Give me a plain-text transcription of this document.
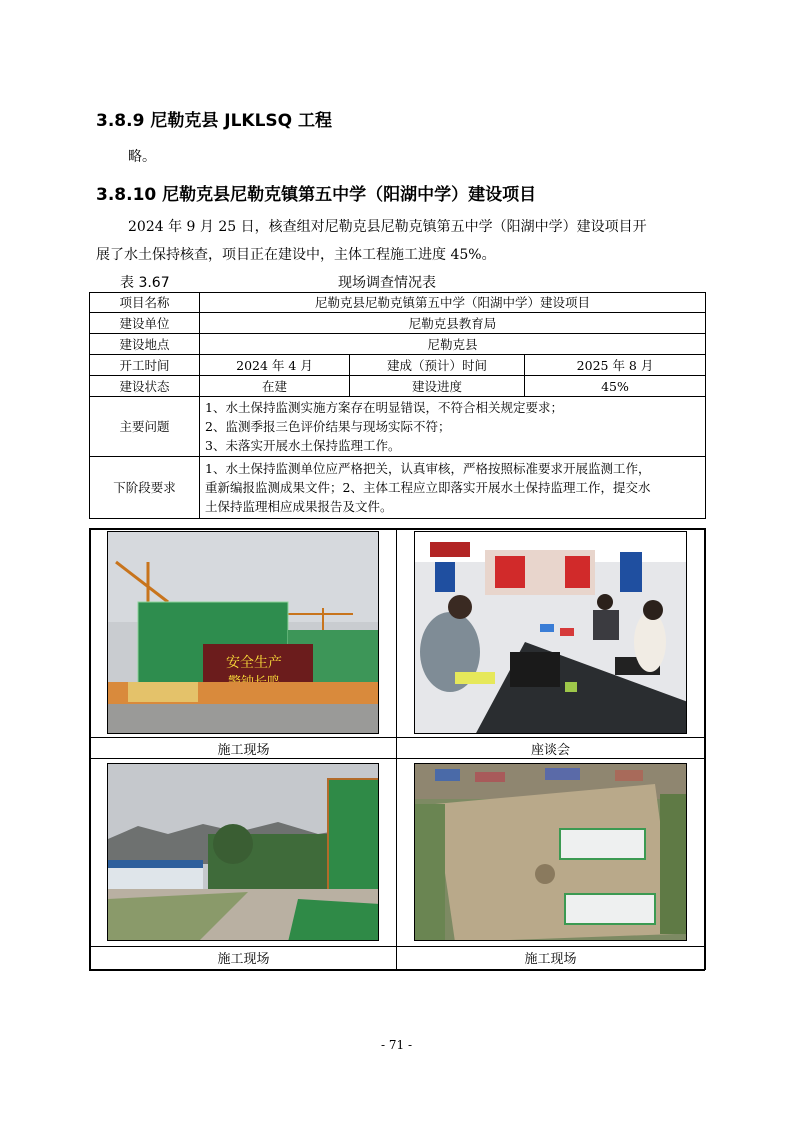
3.8.9 尼勒克县 JLKLSQ 工程

略。

3.8.10 尼勒克县尼勒克镇第五中学（阳湖中学）建设项目

2024 年 9 月 25 日，核查组对尼勒克县尼勒克镇第五中学（阳湖中学）建设项目开

展了水土保持核查，项目正在建设中，主体工程施工进度 45%。

表 3.67	现场调查情况表
项目名称	尼勒克县尼勒克镇第五中学（阳湖中学）建设项目		
建设单位	尼勒克县教育局		
建设地点	尼勒克县		
开工时间	2024 年 4 月	建成（预计）时间	2025 年 8 月
建设状态	在建	建设进度	45%
主要问题	1、水土保持监测实施方案存在明显错误，不符合相关规定要求；
2、监测季报三色评价结果与现场实际不符；
3、未落实开展水土保持监理工作。		

下阶段要求	1、水土保持监测单位应严格把关，认真审核，严格按照标准要求开展监测工作，
重新编报监测成果文件；2、主体工程应立即落实开展水土保持监理工作，提交水
土保持监理相应成果报告及文件。		
安全生产
施工现场	座谈会
施工现场	施工现场
- 71 -
